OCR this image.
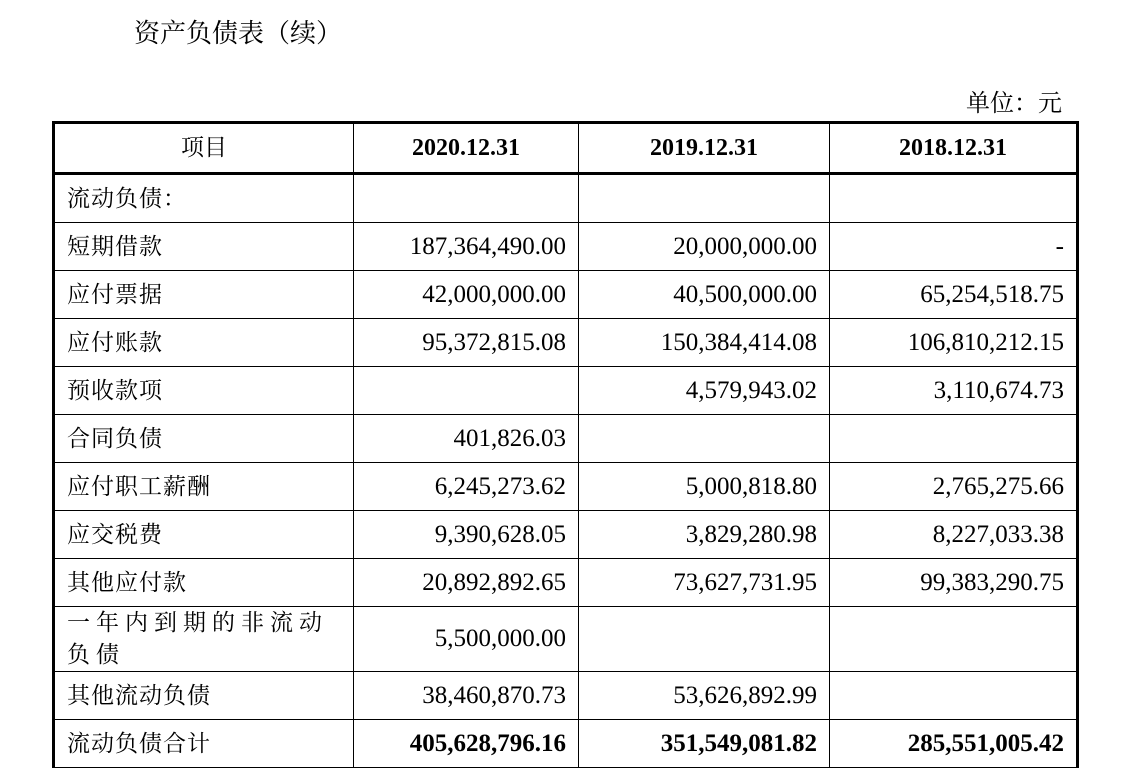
资产负债表（续）
单位：元
项目	2020.12.31	2019.12.31	2018.12.31
流动负债：			
短期借款	187,364,490.00	20,000,000.00	-
应付票据	42,000,000.00	40,500,000.00	65,254,518.75
应付账款	95,372,815.08	150,384,414.08	106,810,212.15
预收款项		4,579,943.02	3,110,674.73
合同负债	401,826.03		
应付职工薪酬	6,245,273.62	5,000,818.80	2,765,275.66
应交税费	9,390,628.05	3,829,280.98	8,227,033.38
其他应付款	20,892,892.65	73,627,731.95	99,383,290.75
一年内到期的非流动负债	5,500,000.00		
其他流动负债	38,460,870.73	53,626,892.99	
流动负债合计	405,628,796.16	351,549,081.82	285,551,005.42
